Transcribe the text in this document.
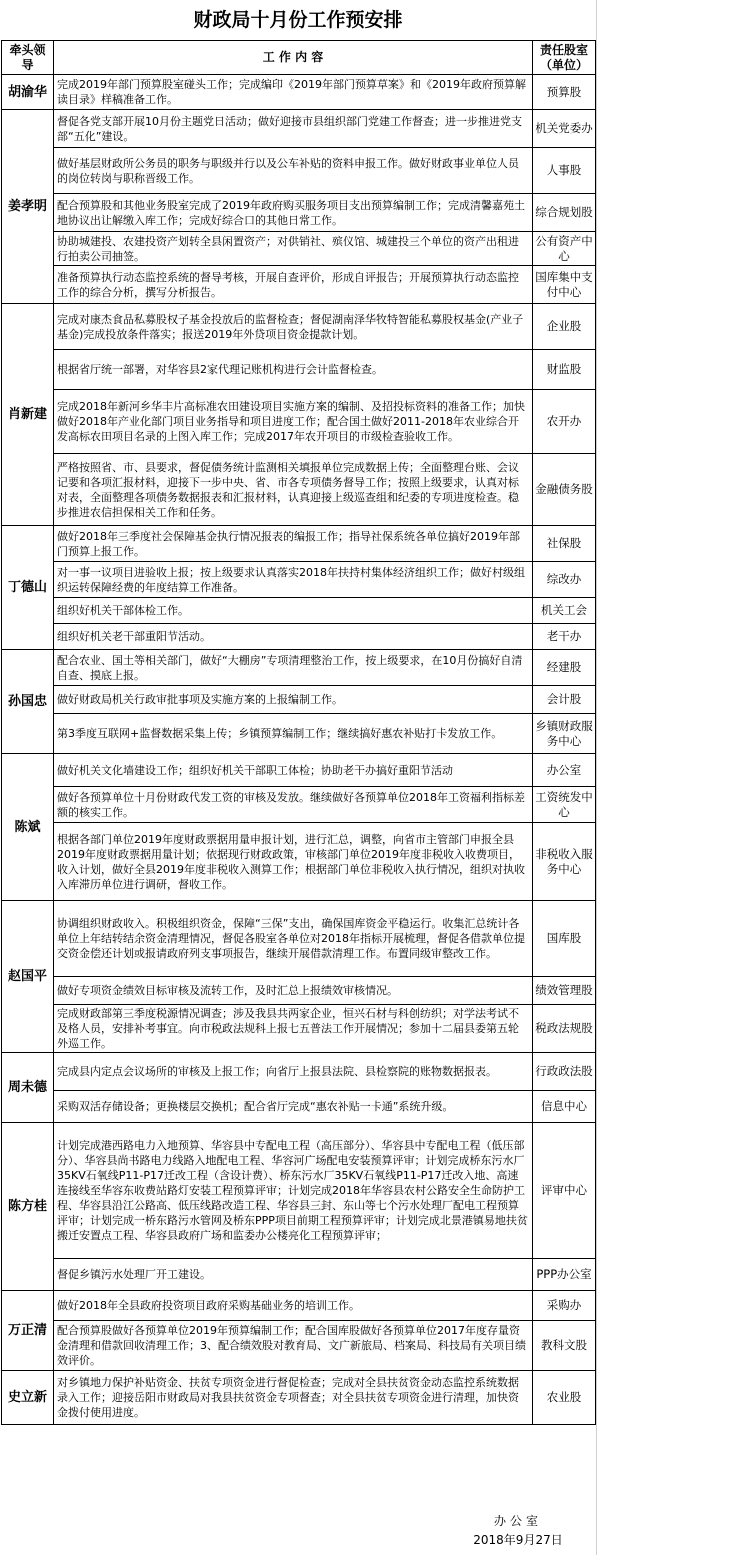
财政局十月份工作预安排
牵头领导	工 作 内 容	责任股室（单位）
胡渝华	完成2019年部门预算股室碰头工作；完成编印《2019年部门预算草案》和《2019年政府预算解读目录》样稿准备工作。	预算股
姜孝明	督促各党支部开展10月份主题党日活动；做好迎接市县组织部门党建工作督查；进一步推进党支部“五化”建设。	机关党委办
	做好基层财政所公务员的职务与职级并行以及公车补贴的资料申报工作。做好财政事业单位人员的岗位转岗与职称晋级工作。	人事股
	配合预算股和其他业务股室完成了2019年政府购买服务项目支出预算编制工作；完成清馨嘉苑土地协议出让解缴入库工作；完成好综合口的其他日常工作。	综合规划股
	协助城建投、农建投资产划转全县闲置资产；对供销社、殡仪馆、城建投三个单位的资产出租进行拍卖公司抽签。	公有资产中心
	准备预算执行动态监控系统的督导考核，开展自查评价，形成自评报告；开展预算执行动态监控工作的综合分析，撰写分析报告。	国库集中支付中心
肖新建	完成对康杰食品私募股权子基金投放后的监督检查；督促湖南泽华牧特智能私募股权基金(产业子基金)完成投放条件落实；报送2019年外贷项目资金提款计划。	企业股
	根据省厅统一部署，对华容县2家代理记账机构进行会计监督检查。	财监股
	完成2018年新河乡华丰片高标准农田建设项目实施方案的编制、及招投标资料的准备工作；加快做好2018年产业化部门项目业务指导和项目进度工作；配合国土做好2011-2018年农业综合开发高标农田项目名录的上图入库工作；完成2017年农开项目的市级检查验收工作。	农开办
	严格按照省、市、县要求，督促债务统计监测相关填报单位完成数据上传；全面整理台账、会议记要和各项汇报材料，迎接下一步中央、省、市各专项债务督导工作；按照上级要求，认真对标对表，全面整理各项债务数据报表和汇报材料，认真迎接上级巡查组和纪委的专项进度检查。稳步推进农信担保相关工作和任务。	金融债务股
丁德山	做好2018年三季度社会保障基金执行情况报表的编报工作；指导社保系统各单位搞好2019年部门预算上报工作。	社保股
	对一事一议项目进验收上报；按上级要求认真落实2018年扶持村集体经济组织工作；做好村级组织运转保障经费的年度结算工作准备。	综改办
	组织好机关干部体检工作。	机关工会
	组织好机关老干部重阳节活动。	老干办
孙国忠	配合农业、国土等相关部门，做好“大棚房”专项清理整治工作，按上级要求，在10月份搞好自清自查、摸底上报。	经建股
	做好财政局机关行政审批事项及实施方案的上报编制工作。	会计股
	第3季度互联网+监督数据采集上传；乡镇预算编制工作；继续搞好惠农补贴打卡发放工作。	乡镇财政服务中心
陈斌	做好机关文化墙建设工作；组织好机关干部职工体检；协助老干办搞好重阳节活动	办公室
	做好各预算单位十月份财政代发工资的审核及发放。继续做好各预算单位2018年工资福利指标差额的核实工作。	工资统发中心
	根据各部门单位2019年度财政票据用量申报计划，进行汇总，调整，向省市主管部门申报全县2019年度财政票据用量计划；依据现行财政政策，审核部门单位2019年度非税收入收费项目，收入计划，做好全县2019年度非税收入测算工作；根据部门单位非税收入执行情况，组织对执收入库滞历单位进行调研，督收工作。	非税收入服务中心
赵国平	协调组织财政收入。积极组织资金，保障“三保”支出，确保国库资金平稳运行。收集汇总统计各单位上年结转结余资金清理情况，督促各股室各单位对2018年指标开展梳理，督促各借款单位提交资金偿还计划或报请政府列支事项报告，继续开展借款清理工作。布置同级审整改工作。	国库股
	做好专项资金绩效目标审核及流转工作，及时汇总上报绩效审核情况。	绩效管理股
	完成财政部第三季度税源情况调查；涉及我县共两家企业，恒兴石材与科创纺织；对学法考试不及格人员，安排补考事宜。向市税政法规科上报七五普法工作开展情况；参加十二届县委第五轮外巡工作。	税政法规股
周未德	完成县内定点会议场所的审核及上报工作；向省厅上报县法院、县检察院的账物数据报表。	行政政法股
	采购双活存储设备；更换楼层交换机；配合省厅完成“惠农补贴一卡通”系统升级。	信息中心
陈方桂	计划完成港西路电力入地预算、华容县中专配电工程（高压部分）、华容县中专配电工程（低压部分）、华容县尚书路电力线路入地配电工程、华容河广场配电安装预算评审；计划完成桥东污水厂35KV石氧线P11-P17迁改工程（含设计费）、桥东污水厂35KV石氧线P11-P17迁改入地、高速连接线至华容东收费站路灯安装工程预算评审；计划完成2018年华容县农村公路安全生命防护工程、华容县沿江公路高、低压线路改造工程、华容县三封、东山等七个污水处理厂配电工程预算评审；计划完成一桥东路污水管网及桥东PPP项目前期工程预算评审；计划完成北景港镇易地扶贫搬迁安置点工程、华容县政府广场和监委办公楼亮化工程预算评审；	评审中心
	督促乡镇污水处理厂开工建设。	PPP办公室
万正清	做好2018年全县政府投资项目政府采购基础业务的培训工作。	采购办
	配合预算股做好各预算单位2019年预算编制工作；配合国库股做好各预算单位2017年度存量资金清理和借款回收清理工作；3、配合绩效股对教育局、文广新旅局、档案局、科技局有关项目绩效评价。	教科文股
史立新	对乡镇地力保护补贴资金、扶贫专项资金进行督促检查；完成对全县扶贫资金动态监控系统数据录入工作；迎接岳阳市财政局对我县扶贫资金专项督查；对全县扶贫专项资金进行清理，加快资金拨付使用进度。	农业股
办公室
2018年9月27日
